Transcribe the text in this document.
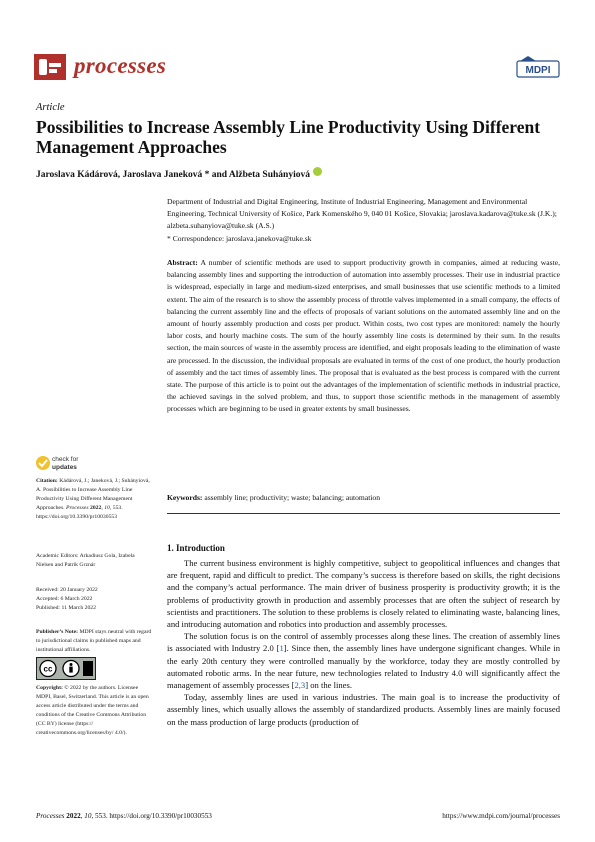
processes	MDPI
Article
Possibilities to Increase Assembly Line Productivity Using Different Management Approaches
Jaroslava Kádárová, Jaroslava Janeková * and Alžbeta Suhányiová
Department of Industrial and Digital Engineering, Institute of Industrial Engineering, Management and Environmental Engineering, Technical University of Košice, Park Komenského 9, 040 01 Košice, Slovakia; jaroslava.kadarova@tuke.sk (J.K.); alzbeta.suhanyiova@tuke.sk (A.S.)
* Correspondence: jaroslava.janekova@tuke.sk
Abstract: A number of scientific methods are used to support productivity growth in companies, aimed at reducing waste, balancing assembly lines and supporting the introduction of automation into assembly processes. Their use in industrial practice is widespread, especially in large and medium-sized enterprises, and small businesses that use scientific methods to a limited extent. The aim of the research is to show the assembly process of throttle valves implemented in a small company, the effects of balancing the current assembly line and the effects of proposals of variant solutions on the automated assembly line and on the amount of hourly assembly production and costs per product. Within costs, two cost types are monitored: namely the hourly labor costs, and hourly machine costs. The sum of the hourly assembly line costs is determined by their sum. In the results section, the main sources of waste in the assembly process are identified, and eight proposals leading to the elimination of waste are processed. In the discussion, the individual proposals are evaluated in terms of the cost of one product, the hourly production of assembly and the tact times of assembly lines. The proposal that is evaluated as the best process is compared with the current state. The purpose of this article is to point out the advantages of the implementation of scientific methods in industrial practice, the achieved savings in the solved problem, and thus, to support those scientific methods in the management of assembly processes which are beginning to be used in greater extents by small businesses.
Keywords: assembly line; productivity; waste; balancing; automation
1. Introduction

The current business environment is highly competitive, subject to geopolitical influences and changes that are frequent, rapid and difficult to predict. The company’s success is therefore based on skills, the right decisions and the company’s actual performance. The main driver of business prosperity is productivity growth; it is the problems of productivity growth in production and assembly processes that are often the subject of research by scientists and practitioners. The solution to these problems is closely related to eliminating waste, balancing lines, and introducing automation and robotics into production and assembly processes.

The solution focus is on the control of assembly processes along these lines. The creation of assembly lines is associated with Industry 2.0 [1]. Since then, the assembly lines have undergone significant changes. While in the early 20th century they were controlled manually by the workforce, today they are mostly controlled by automated robotic arms. In the near future, new technologies related to Industry 4.0 will significantly affect the management of assembly processes [2,3] on the lines.

Today, assembly lines are used in various industries. The main goal is to increase the productivity of assembly lines, which usually allows the assembly of standardized products. Assembly lines are mainly focused on the mass production of large products (production of

check for
updates
Citation: Kádárová, J.; Janeková, J.; Suhányiová, A. Possibilities to Increase Assembly Line Productivity Using Different Management Approaches. Processes 2022, 10, 553. https://doi.org/10.3390/pr10030553
Academic Editors: Arkadiusz Gola, Izabela Nielsen and Patrik Grznár
Received: 20 January 2022
Accepted: 6 March 2022
Published: 11 March 2022
Publisher’s Note: MDPI stays neutral with regard to jurisdictional claims in published maps and institutional affiliations.
cc
Copyright: © 2022 by the authors. Licensee MDPI, Basel, Switzerland. This article is an open access article distributed under the terms and conditions of the Creative Commons Attribution (CC BY) license (https:// creativecommons.org/licenses/by/ 4.0/).
Processes 2022, 10, 553. https://doi.org/10.3390/pr10030553	https://www.mdpi.com/journal/processes
